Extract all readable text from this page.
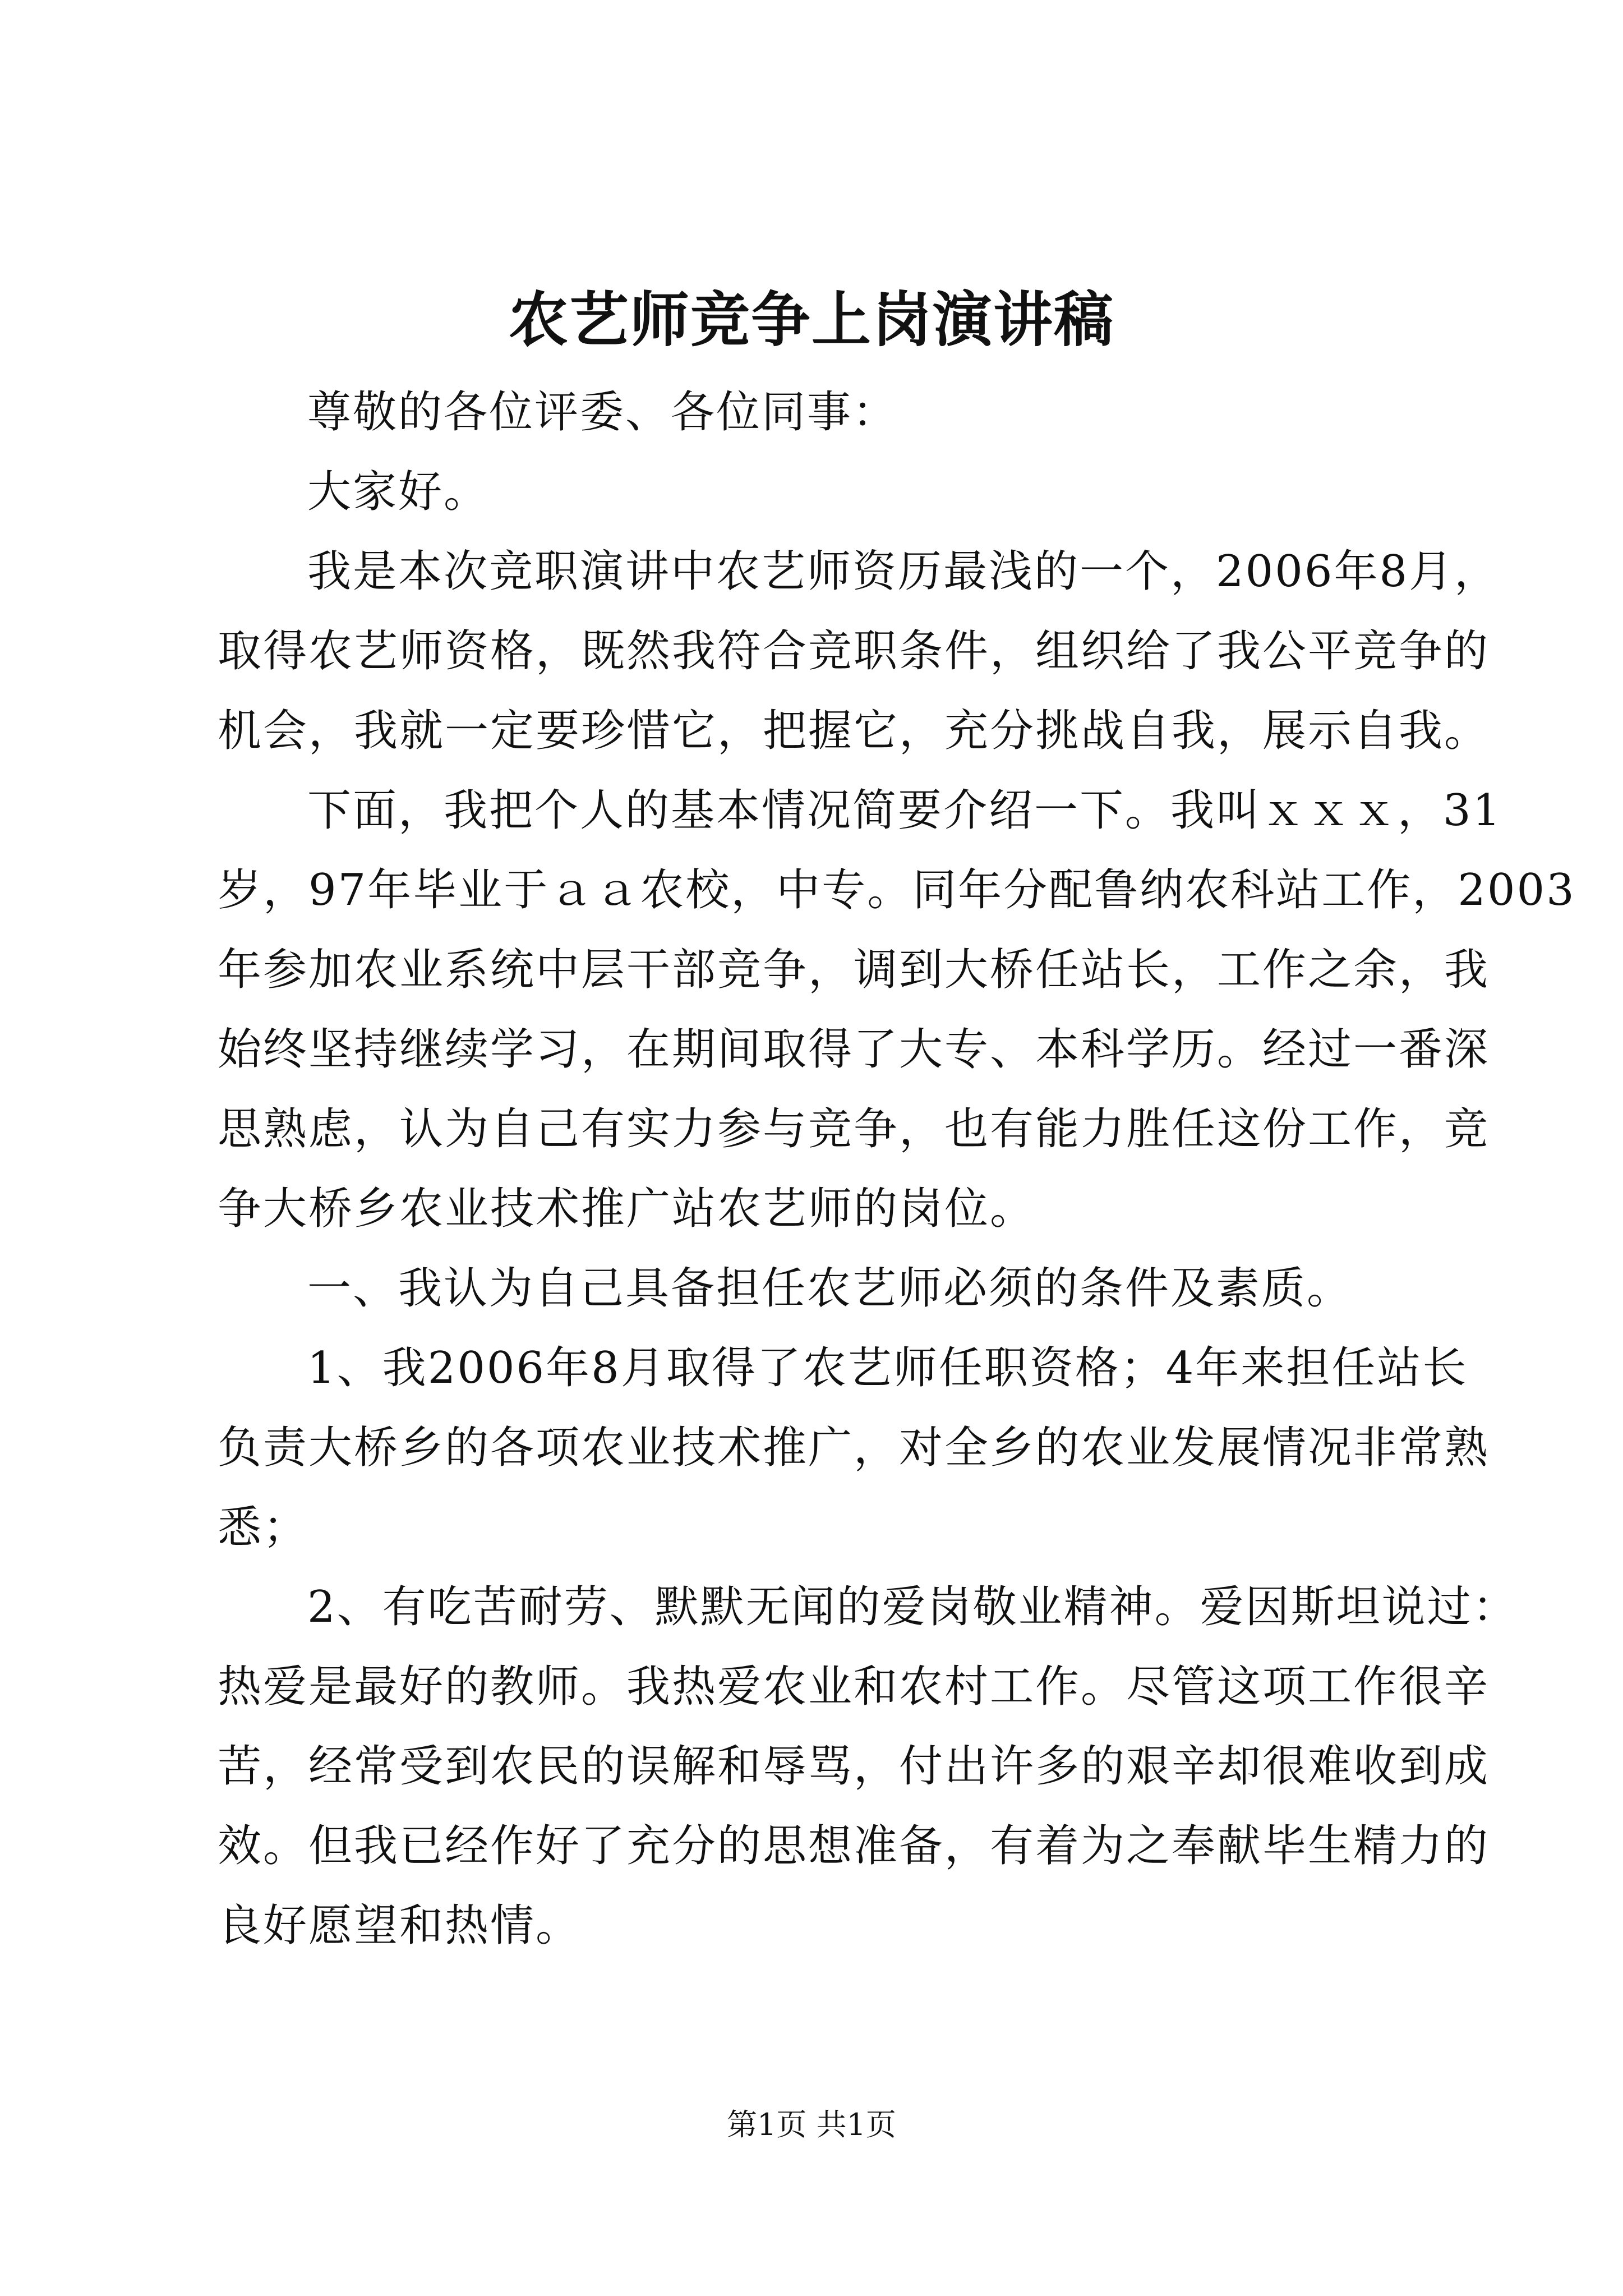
农艺师竞争上岗演讲稿
尊敬的各位评委、各位同事：
大家好。
我是本次竞职演讲中农艺师资历最浅的一个，2006年8月，
取得农艺师资格，既然我符合竞职条件，组织给了我公平竞争的
机会，我就一定要珍惜它，把握它，充分挑战自我，展示自我。
下面，我把个人的基本情况简要介绍一下。我叫ｘｘｘ，31
岁，97年毕业于ａａ农校，中专。同年分配鲁纳农科站工作，2003
年参加农业系统中层干部竞争，调到大桥任站长，工作之余，我
始终坚持继续学习，在期间取得了大专、本科学历。经过一番深
思熟虑，认为自己有实力参与竞争，也有能力胜任这份工作，竞
争大桥乡农业技术推广站农艺师的岗位。
一、我认为自己具备担任农艺师必须的条件及素质。
1、我2006年8月取得了农艺师任职资格；4年来担任站长
负责大桥乡的各项农业技术推广，对全乡的农业发展情况非常熟
悉；
2、有吃苦耐劳、默默无闻的爱岗敬业精神。爱因斯坦说过：
热爱是最好的教师。我热爱农业和农村工作。尽管这项工作很辛
苦，经常受到农民的误解和辱骂，付出许多的艰辛却很难收到成
效。但我已经作好了充分的思想准备，有着为之奉献毕生精力的
良好愿望和热情。
第1页 共1页
